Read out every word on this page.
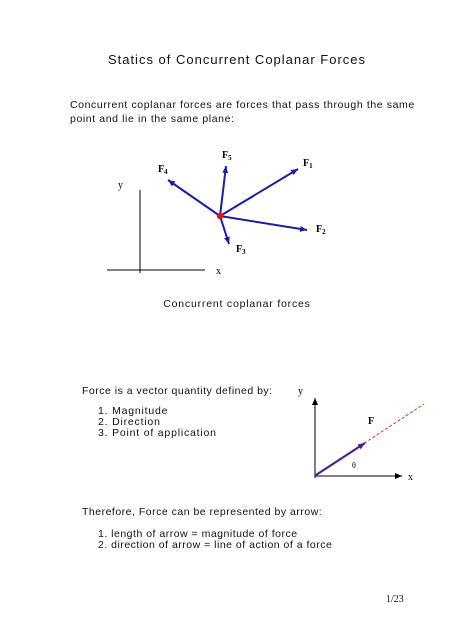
Statics of Concurrent Coplanar Forces
Concurrent coplanar forces are forces that pass through the same point and lie in the same plane:
y
x
$F_1$
$F_2$
$F_3$
$F_4$
$F_5$
y
x
F
θ
Concurrent coplanar forces
Force is a vector quantity defined by:
1. Magnitude
2. Direction
3. Point of application
Therefore, Force can be represented by arrow:
1. length of arrow = magnitude of force
2. direction of arrow = line of action of a force
1/23
